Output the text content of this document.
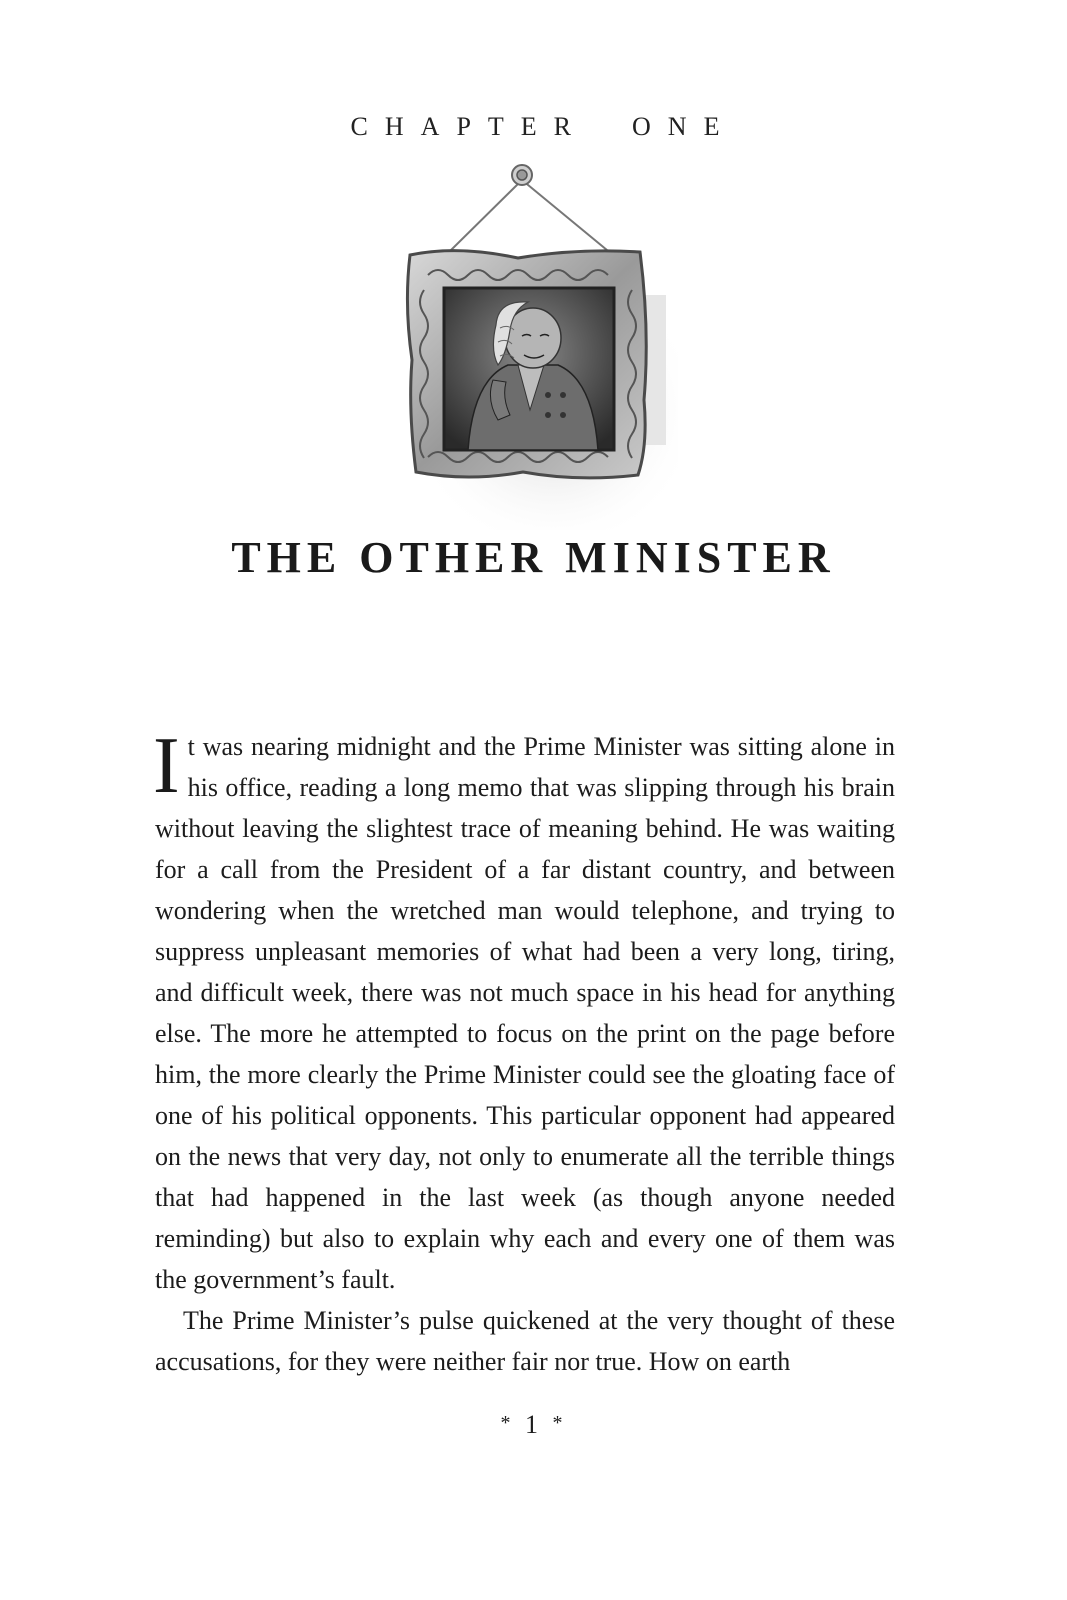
CHAPTER ONE
THE OTHER MINISTER

It was nearing midnight and the Prime Minister was sitting alone in his office, reading a long memo that was slipping through his brain without leaving the slightest trace of meaning behind. He was waiting for a call from the President of a far distant country, and between wondering when the wretched man would telephone, and trying to suppress unpleasant memories of what had been a very long, tiring, and difficult week, there was not much space in his head for anything else. The more he attempted to focus on the print on the page before him, the more clearly the Prime Minister could see the gloating face of one of his political opponents. This particular opponent had appeared on the news that very day, not only to enumerate all the terrible things that had happened in the last week (as though anyone needed reminding) but also to explain why each and every one of them was the government’s fault.

The Prime Minister’s pulse quickened at the very thought of these accusations, for they were neither fair nor true. How on earth

* 1 *
